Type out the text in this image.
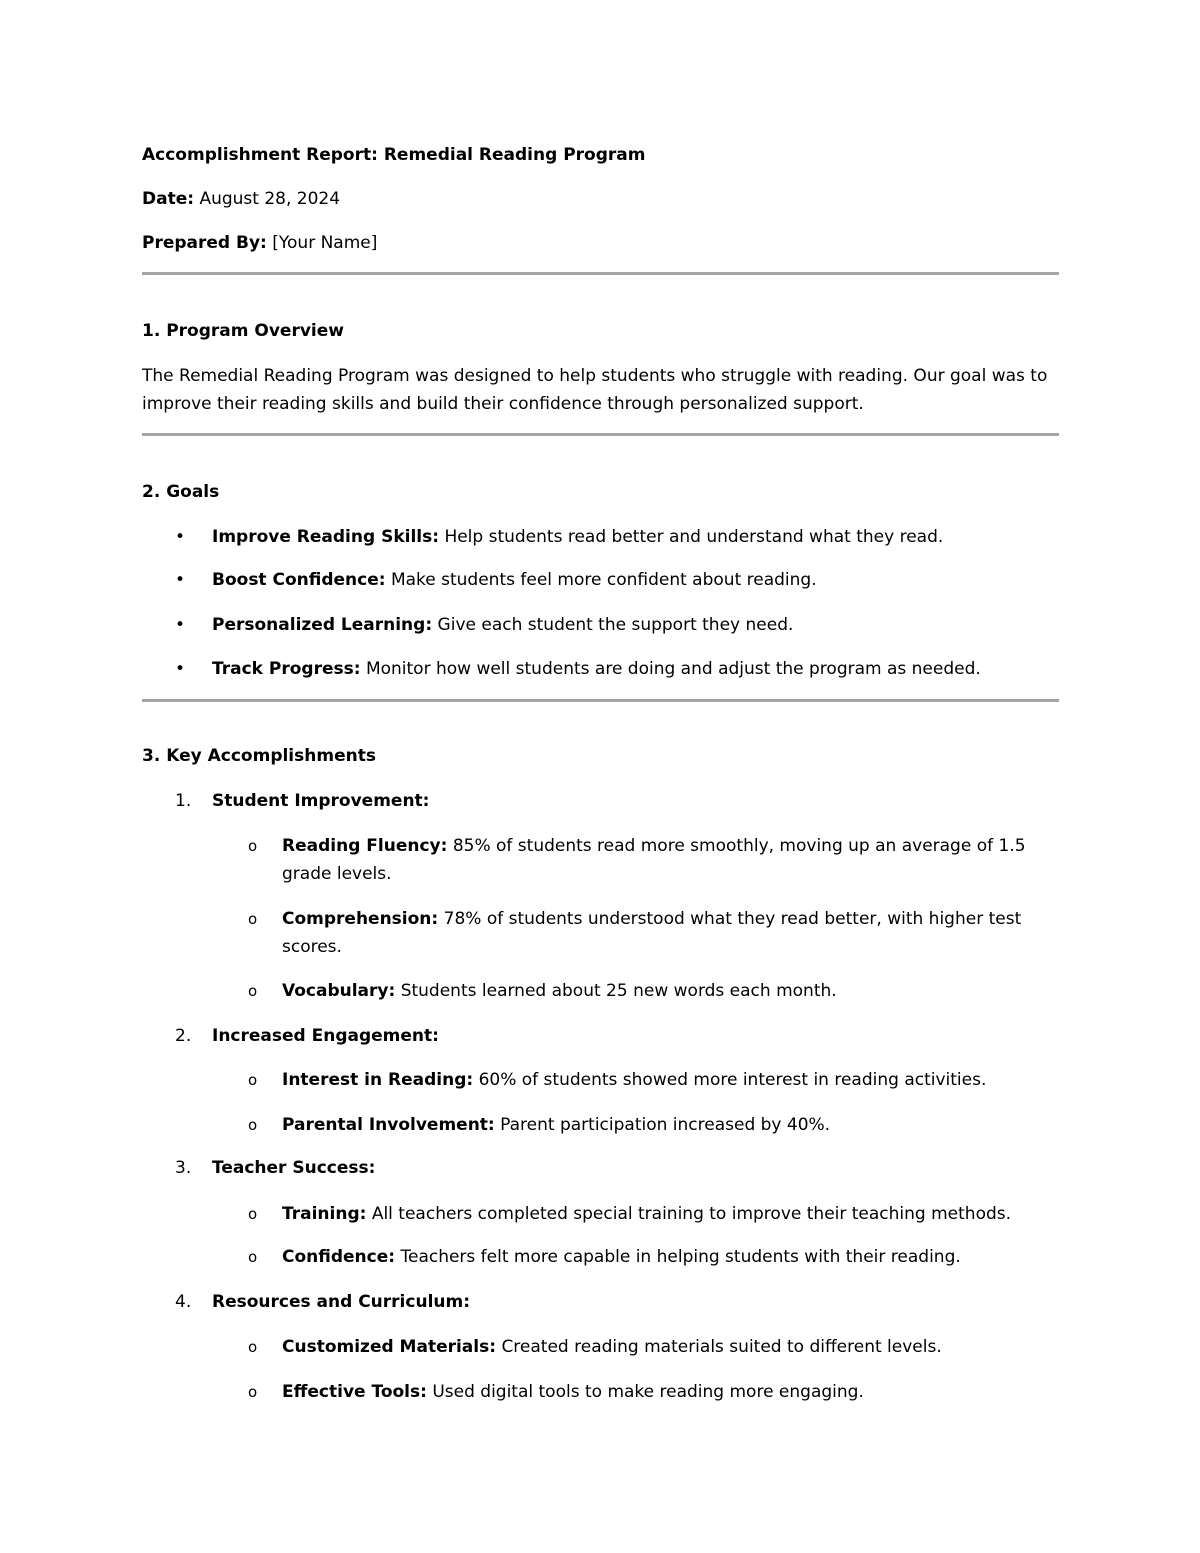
Accomplishment Report: Remedial Reading Program
Date: August 28, 2024
Prepared By: [Your Name]
1. Program Overview
The Remedial Reading Program was designed to help students who struggle with reading. Our goal was to improve their reading skills and build their confidence through personalized support.
2. Goals
• Improve Reading Skills: Help students read better and understand what they read.
• Boost Confidence: Make students feel more confident about reading.
• Personalized Learning: Give each student the support they need.
• Track Progress: Monitor how well students are doing and adjust the program as needed.
3. Key Accomplishments
1. Student Improvement:
o Reading Fluency: 85% of students read more smoothly, moving up an average of 1.5 grade levels.
o Comprehension: 78% of students understood what they read better, with higher test scores.
o Vocabulary: Students learned about 25 new words each month.
2. Increased Engagement:
o Interest in Reading: 60% of students showed more interest in reading activities.
o Parental Involvement: Parent participation increased by 40%.
3. Teacher Success:
o Training: All teachers completed special training to improve their teaching methods.
o Confidence: Teachers felt more capable in helping students with their reading.
4. Resources and Curriculum:
o Customized Materials: Created reading materials suited to different levels.
o Effective Tools: Used digital tools to make reading more engaging.
